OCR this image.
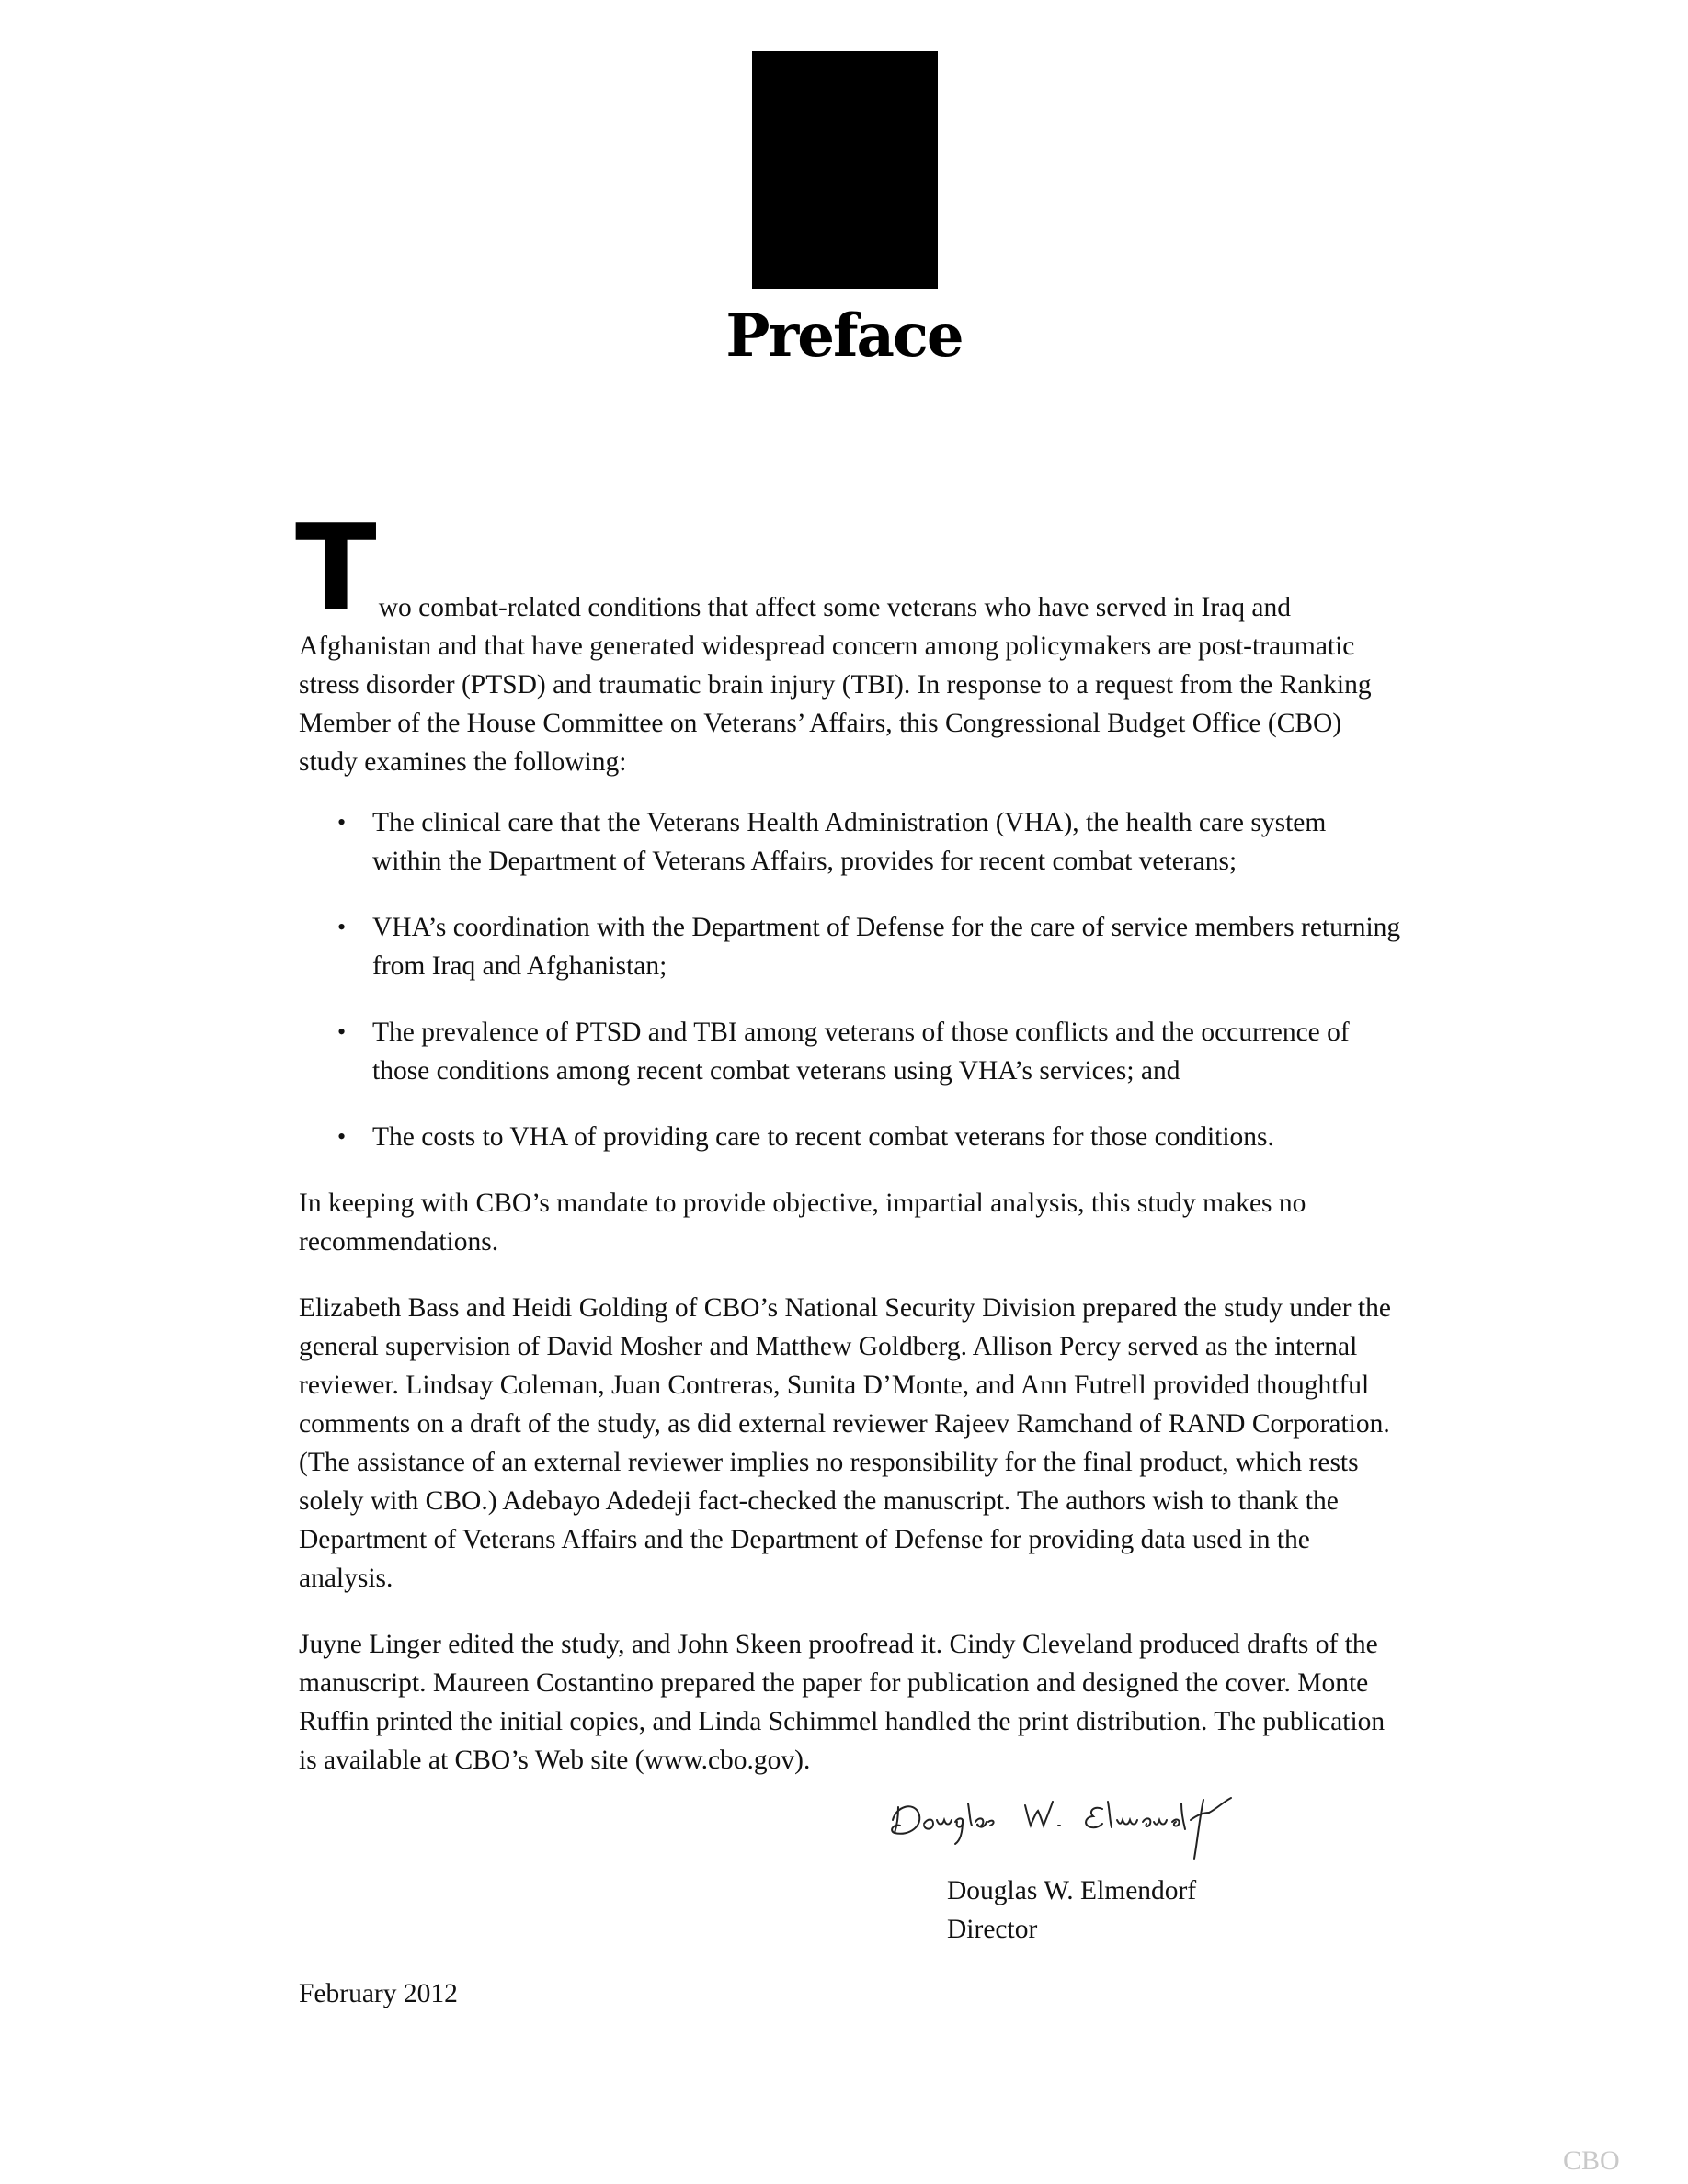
Preface

T wo combat-related conditions that affect some veterans who have served in Iraq and Afghanistan and that have generated widespread concern among policymakers are post-traumatic stress disorder (PTSD) and traumatic brain injury (TBI). In response to a request from the Ranking Member of the House Committee on Veterans’ Affairs, this Congressional Budget Office (CBO) study examines the following:

• The clinical care that the Veterans Health Administration (VHA), the health care system within the Department of Veterans Affairs, provides for recent combat veterans;
• VHA’s coordination with the Department of Defense for the care of service members returning from Iraq and Afghanistan;
• The prevalence of PTSD and TBI among veterans of those conflicts and the occurrence of those conditions among recent combat veterans using VHA’s services; and
• The costs to VHA of providing care to recent combat veterans for those conditions.

In keeping with CBO’s mandate to provide objective, impartial analysis, this study makes no recommendations.

Elizabeth Bass and Heidi Golding of CBO’s National Security Division prepared the study under the general supervision of David Mosher and Matthew Goldberg. Allison Percy served as the internal reviewer. Lindsay Coleman, Juan Contreras, Sunita D’Monte, and Ann Futrell provided thoughtful comments on a draft of the study, as did external reviewer Rajeev Ramchand of RAND Corporation. (The assistance of an external reviewer implies no responsibility for the final product, which rests solely with CBO.) Adebayo Adedeji fact-checked the manuscript. The authors wish to thank the Department of Veterans Affairs and the Department of Defense for providing data used in the analysis.

Juyne Linger edited the study, and John Skeen proofread it. Cindy Cleveland produced drafts of the manuscript. Maureen Costantino prepared the paper for publication and designed the cover. Monte Ruffin printed the initial copies, and Linda Schimmel handled the print distribution. The publication is available at CBO’s Web site (www.cbo.gov).

Douglas W. Elmendorf
Director
February 2012
CBO
